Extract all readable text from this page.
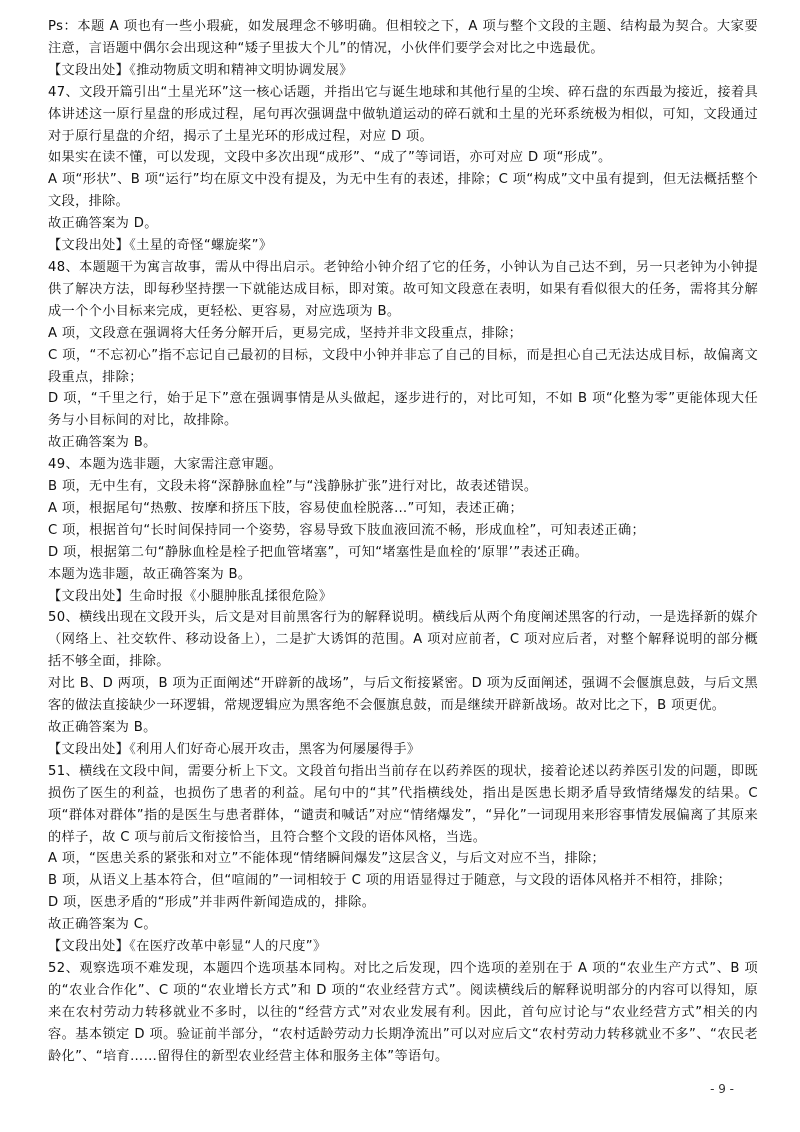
Ps：本题 A 项也有一些小瑕疵，如发展理念不够明确。但相较之下，A 项与整个文段的主题、结构最为契合。大家要注意，言语题中偶尔会出现这种“矮子里拔大个儿”的情况，小伙伴们要学会对比之中选最优。

【文段出处】《推动物质文明和精神文明协调发展》

47、文段开篇引出“土星光环”这一核心话题，并指出它与诞生地球和其他行星的尘埃、碎石盘的东西最为接近，接着具体讲述这一原行星盘的形成过程，尾句再次强调盘中做轨道运动的碎石就和土星的光环系统极为相似，可知，文段通过对于原行星盘的介绍，揭示了土星光环的形成过程，对应 D 项。

如果实在读不懂，可以发现，文段中多次出现“成形”、“成了”等词语，亦可对应 D 项“形成”。

A 项“形状”、B 项“运行”均在原文中没有提及，为无中生有的表述，排除；C 项“构成”文中虽有提到，但无法概括整个文段，排除。

故正确答案为 D。

【文段出处】《土星的奇怪“螺旋桨”》

48、本题题干为寓言故事，需从中得出启示。老钟给小钟介绍了它的任务，小钟认为自己达不到，另一只老钟为小钟提供了解决方法，即每秒坚持摆一下就能达成目标，即对策。故可知文段意在表明，如果有看似很大的任务，需将其分解成一个个小目标来完成，更轻松、更容易，对应选项为 B。

A 项，文段意在强调将大任务分解开后，更易完成，坚持并非文段重点，排除；

C 项，“不忘初心”指不忘记自己最初的目标，文段中小钟并非忘了自己的目标，而是担心自己无法达成目标，故偏离文段重点，排除；

D 项，“千里之行，始于足下”意在强调事情是从头做起，逐步进行的，对比可知，不如 B 项“化整为零”更能体现大任务与小目标间的对比，故排除。

故正确答案为 B。

49、本题为选非题，大家需注意审题。

B 项，无中生有，文段未将“深静脉血栓”与“浅静脉扩张”进行对比，故表述错误。

A 项，根据尾句“热敷、按摩和挤压下肢，容易使血栓脱落…”可知，表述正确；

C 项，根据首句“长时间保持同一个姿势，容易导致下肢血液回流不畅，形成血栓”，可知表述正确；

D 项，根据第二句“静脉血栓是栓子把血管堵塞”，可知“堵塞性是血栓的‘原罪’”表述正确。

本题为选非题，故正确答案为 B。

【文段出处】生命时报《小腿肿胀乱揉很危险》

50、横线出现在文段开头，后文是对目前黑客行为的解释说明。横线后从两个角度阐述黑客的行动，一是选择新的媒介（网络上、社交软件、移动设备上），二是扩大诱饵的范围。A 项对应前者，C 项对应后者，对整个解释说明的部分概括不够全面，排除。

对比 B、D 两项，B 项为正面阐述“开辟新的战场”，与后文衔接紧密。D 项为反面阐述，强调不会偃旗息鼓，与后文黑客的做法直接缺少一环逻辑，常规逻辑应为黑客绝不会偃旗息鼓，而是继续开辟新战场。故对比之下，B 项更优。

故正确答案为 B。

【文段出处】《利用人们好奇心展开攻击，黑客为何屡屡得手》

51、横线在文段中间，需要分析上下文。文段首句指出当前存在以药养医的现状，接着论述以药养医引发的问题，即既损伤了医生的利益，也损伤了患者的利益。尾句中的“其”代指横线处，指出是医患长期矛盾导致情绪爆发的结果。C 项“群体对群体”指的是医生与患者群体，“谴责和喊话”对应“情绪爆发”，“异化”一词现用来形容事情发展偏离了其原来的样子，故 C 项与前后文衔接恰当，且符合整个文段的语体风格，当选。

A 项，“医患关系的紧张和对立”不能体现“情绪瞬间爆发”这层含义，与后文对应不当，排除；

B 项，从语义上基本符合，但“喧闹的”一词相较于 C 项的用语显得过于随意，与文段的语体风格并不相符，排除；

D 项，医患矛盾的“形成”并非两件新闻造成的，排除。

故正确答案为 C。

【文段出处】《在医疗改革中彰显“人的尺度”》

52、观察选项不难发现，本题四个选项基本同构。对比之后发现，四个选项的差别在于 A 项的“农业生产方式”、B 项的“农业合作化”、C 项的“农业增长方式”和 D 项的“农业经营方式”。阅读横线后的解释说明部分的内容可以得知，原来在农村劳动力转移就业不多时，以往的“经营方式”对农业发展有利。因此，首句应讨论与“农业经营方式”相关的内容。基本锁定 D 项。验证前半部分，“农村适龄劳动力长期净流出”可以对应后文“农村劳动力转移就业不多”、“农民老龄化”、“培育……留得住的新型农业经营主体和服务主体”等语句。

- 9 -
